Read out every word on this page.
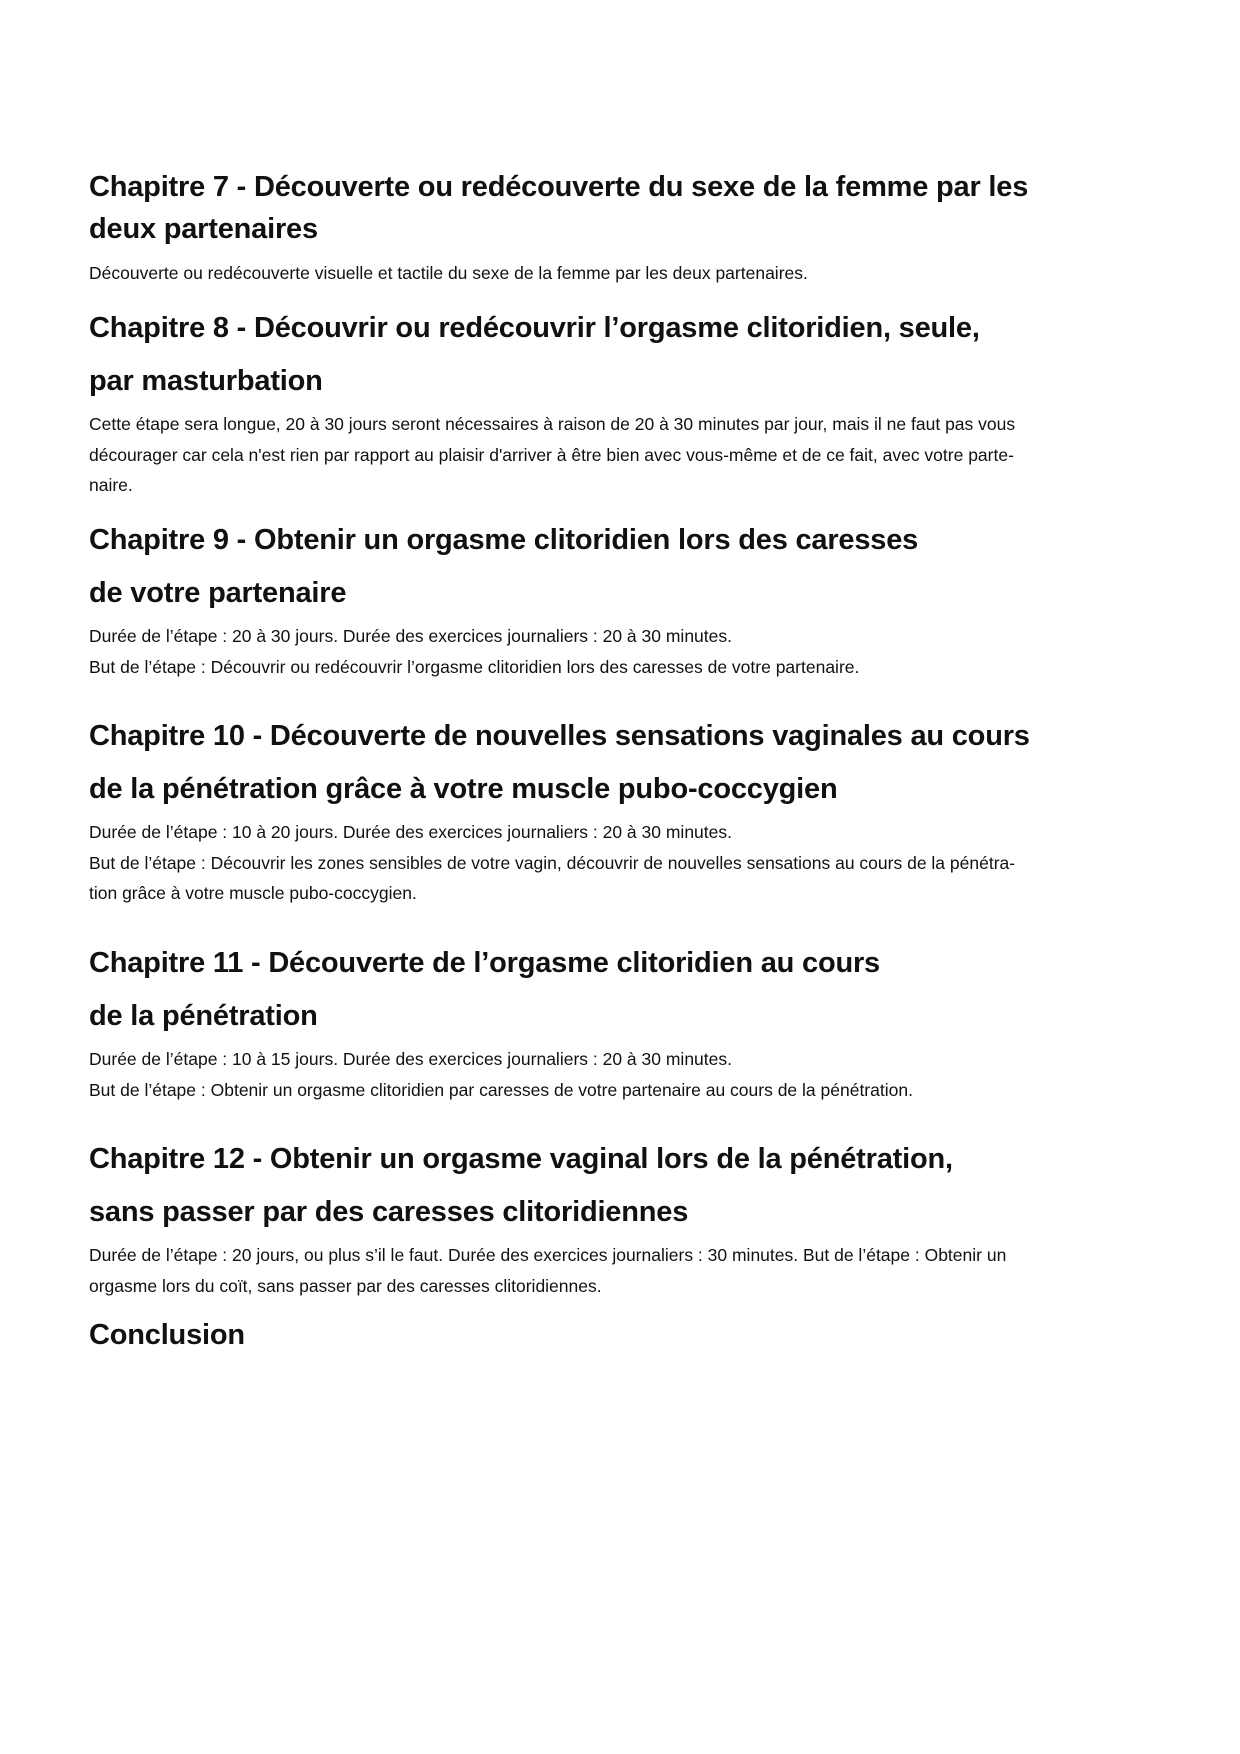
Chapitre 7 - Découverte ou redécouverte du sexe de la femme par les
deux partenaires

Découverte ou redécouverte visuelle et tactile du sexe de la femme par les deux partenaires.

Chapitre 8 - Découvrir ou redécouvrir l’orgasme clitoridien, seule,
par masturbation

Cette étape sera longue, 20 à 30 jours seront nécessaires à raison de 20 à 30 minutes par jour, mais il ne faut pas vous
décourager car cela n'est rien par rapport au plaisir d'arriver à être bien avec vous-même et de ce fait, avec votre parte-
naire.

Chapitre 9 - Obtenir un orgasme clitoridien lors des caresses
de votre partenaire

Durée de l’étape : 20 à 30 jours. Durée des exercices journaliers : 20 à 30 minutes.
But de l’étape : Découvrir ou redécouvrir l’orgasme clitoridien lors des caresses de votre partenaire.

Chapitre 10 - Découverte de nouvelles sensations vaginales au cours
de la pénétration grâce à votre muscle pubo-coccygien

Durée de l’étape : 10 à 20 jours. Durée des exercices journaliers : 20 à 30 minutes.
But de l’étape : Découvrir les zones sensibles de votre vagin, découvrir de nouvelles sensations au cours de la pénétra-
tion grâce à votre muscle pubo-coccygien.

Chapitre 11 - Découverte de l’orgasme clitoridien au cours
de la pénétration

Durée de l’étape : 10 à 15 jours. Durée des exercices journaliers : 20 à 30 minutes.
But de l’étape : Obtenir un orgasme clitoridien par caresses de votre partenaire au cours de la pénétration.

Chapitre 12 - Obtenir un orgasme vaginal lors de la pénétration,
sans passer par des caresses clitoridiennes

Durée de l’étape : 20 jours, ou plus s’il le faut. Durée des exercices journaliers : 30 minutes. But de l’étape : Obtenir un
orgasme lors du coït, sans passer par des caresses clitoridiennes.

Conclusion
